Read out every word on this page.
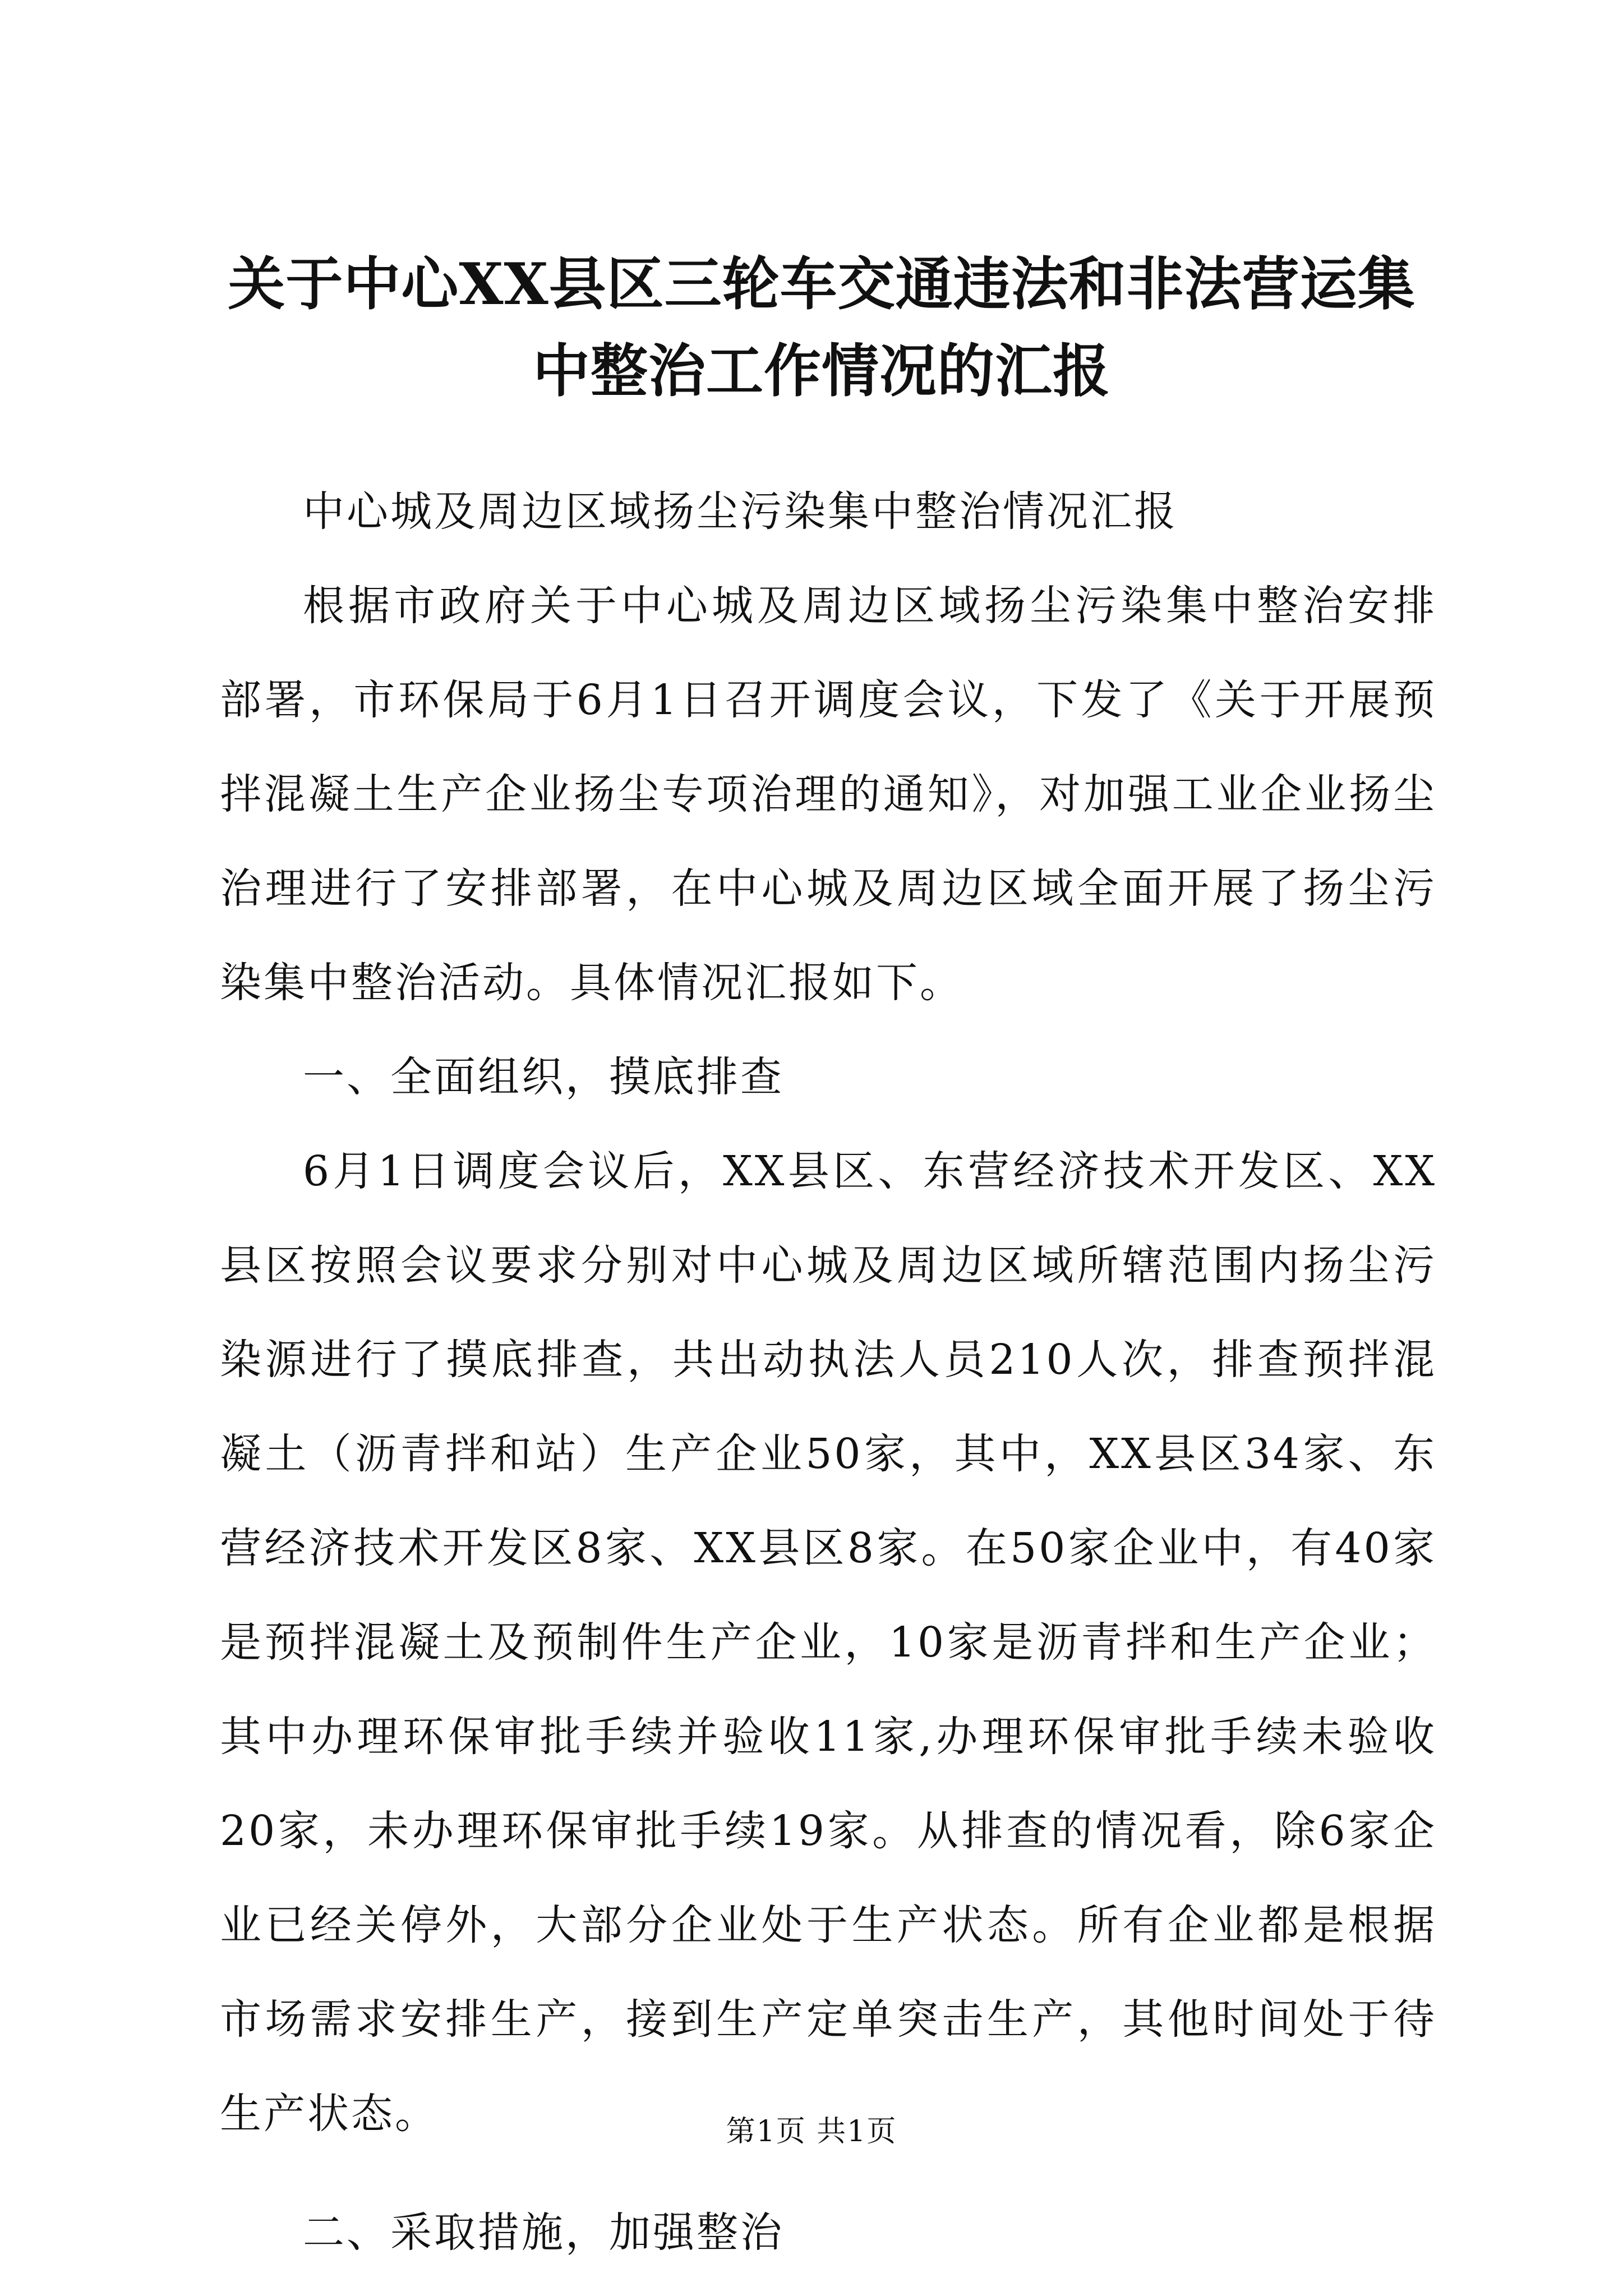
关于中心XX县区三轮车交通违法和非法营运集中整治工作情况的汇报

中心城及周边区域扬尘污染集中整治情况汇报

根据市政府关于中心城及周边区域扬尘污染集中整治安排部署，市环保局于6月1日召开调度会议，下发了《关于开展预拌混凝土生产企业扬尘专项治理的通知》，对加强工业企业扬尘治理进行了安排部署，在中心城及周边区域全面开展了扬尘污染集中整治活动。具体情况汇报如下。

一、全面组织，摸底排查

6月1日调度会议后，XX县区、东营经济技术开发区、XX县区按照会议要求分别对中心城及周边区域所辖范围内扬尘污染源进行了摸底排查，共出动执法人员210人次，排查预拌混凝土（沥青拌和站）生产企业50家，其中，XX县区34家、东营经济技术开发区8家、XX县区8家。在50家企业中，有40家是预拌混凝土及预制件生产企业，10家是沥青拌和生产企业；其中办理环保审批手续并验收11家,办理环保审批手续未验收20家，未办理环保审批手续19家。从排查的情况看，除6家企业已经关停外，大部分企业处于生产状态。所有企业都是根据市场需求安排生产，接到生产定单突击生产，其他时间处于待生产状态。

二、采取措施，加强整治

第1页 共1页
